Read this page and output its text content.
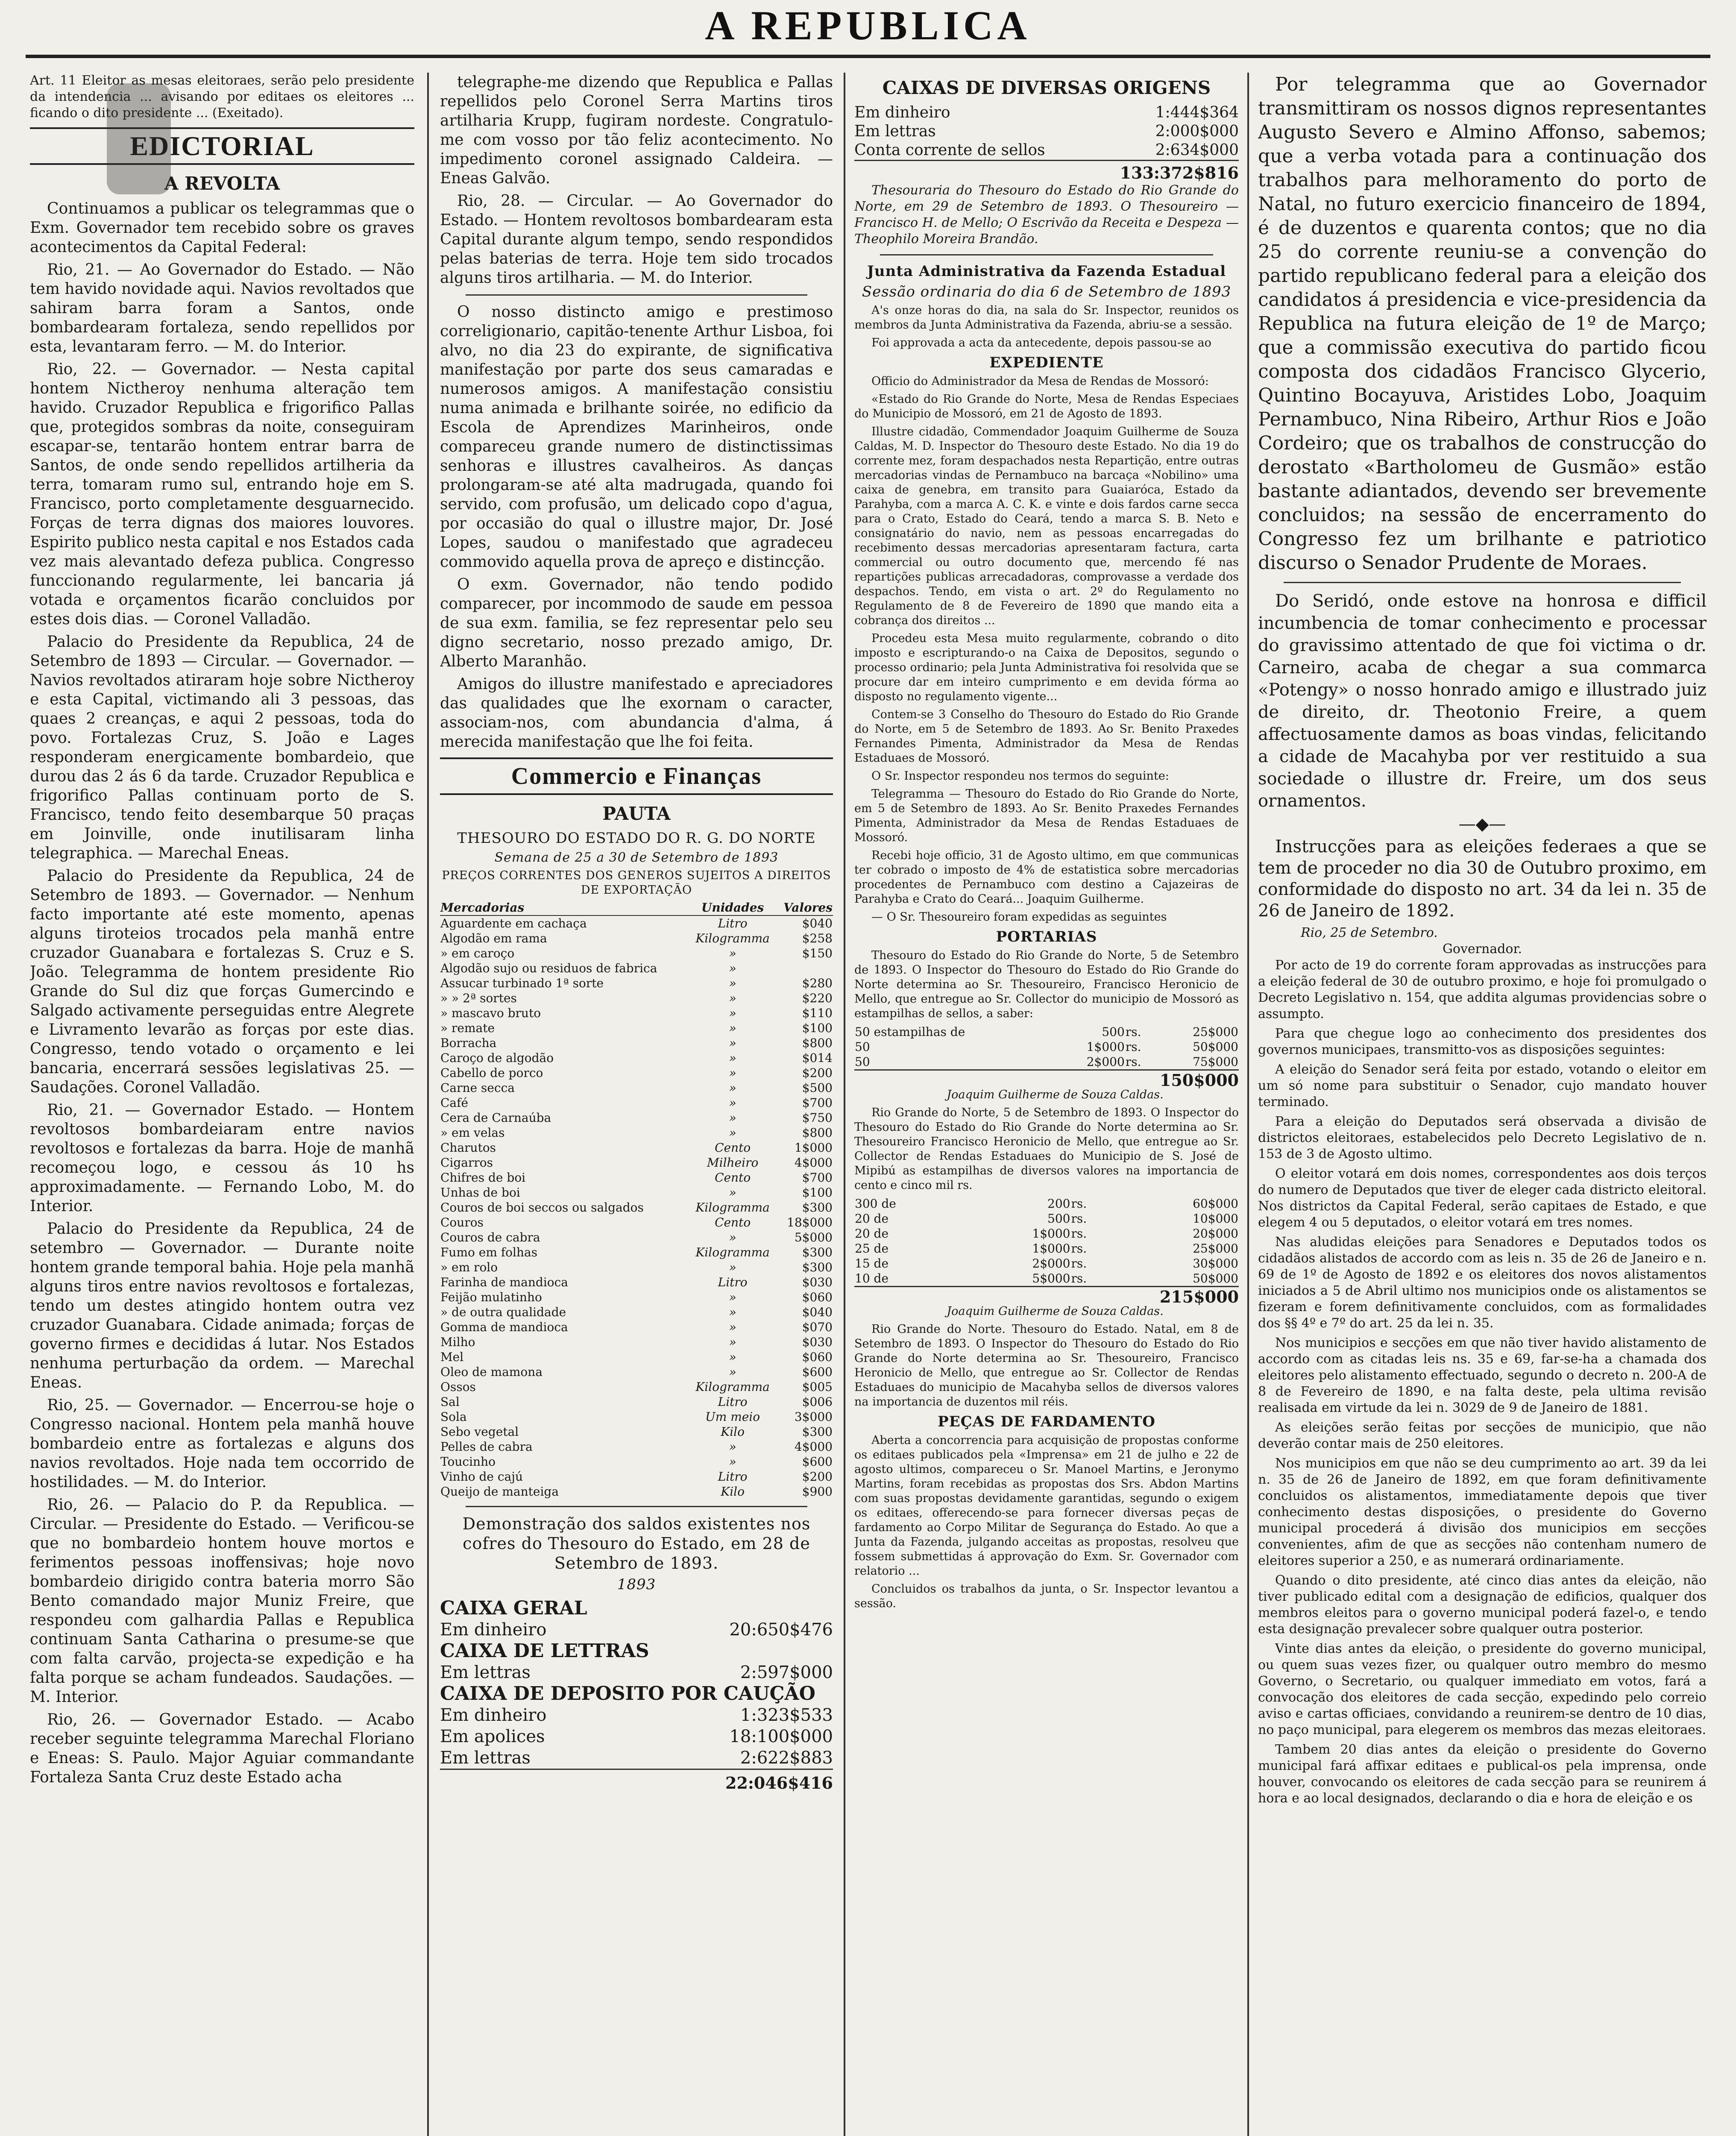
A REPUBLICA
Art. 11 Eleitor as mesas eleitoraes, serão pelo presidente da intendencia ... avisando por editaes os eleitores ... ficando o dito presidente ... (Exeitado).
EDICTORIAL
A REVOLTA

Continuamos a publicar os telegrammas que o Exm. Governador tem recebido sobre os graves acontecimentos da Capital Federal:

Rio, 21. — Ao Governador do Estado. — Não tem havido novidade aqui. Navios revoltados que sahiram barra foram a Santos, onde bombardearam fortaleza, sendo repellidos por esta, levantaram ferro. — M. do Interior.

Rio, 22. — Governador. — Nesta capital hontem Nictheroy nenhuma alteração tem havido. Cruzador Republica e frigorifico Pallas que, protegidos sombras da noite, conseguiram escapar-se, tentarão hontem entrar barra de Santos, de onde sendo repellidos artilheria da terra, tomaram rumo sul, entrando hoje em S. Francisco, porto completamente desguarnecido. Forças de terra dignas dos maiores louvores. Espirito publico nesta capital e nos Estados cada vez mais alevantado defeza publica. Congresso funccionando regularmente, lei bancaria já votada e orçamentos ficarão concluidos por estes dois dias. — Coronel Valladão.

Palacio do Presidente da Republica, 24 de Setembro de 1893 — Circular. — Governador. — Navios revoltados atiraram hoje sobre Nictheroy e esta Capital, victimando ali 3 pessoas, das quaes 2 creanças, e aqui 2 pessoas, toda do povo. Fortalezas Cruz, S. João e Lages responderam energicamente bombardeio, que durou das 2 ás 6 da tarde. Cruzador Republica e frigorifico Pallas continuam porto de S. Francisco, tendo feito desembarque 50 praças em Joinville, onde inutilisaram linha telegraphica. — Marechal Eneas.

Palacio do Presidente da Republica, 24 de Setembro de 1893. — Governador. — Nenhum facto importante até este momento, apenas alguns tiroteios trocados pela manhã entre cruzador Guanabara e fortalezas S. Cruz e S. João. Telegramma de hontem presidente Rio Grande do Sul diz que forças Gumercindo e Salgado activamente perseguidas entre Alegrete e Livramento levarão as forças por este dias. Congresso, tendo votado o orçamento e lei bancaria, encerrará sessões legislativas 25. — Saudações. Coronel Valladão.

Rio, 21. — Governador Estado. — Hontem revoltosos bombardeiaram entre navios revoltosos e fortalezas da barra. Hoje de manhã recomeçou logo, e cessou ás 10 hs approximadamente. — Fernando Lobo, M. do Interior.

Palacio do Presidente da Republica, 24 de setembro — Governador. — Durante noite hontem grande temporal bahia. Hoje pela manhã alguns tiros entre navios revoltosos e fortalezas, tendo um destes atingido hontem outra vez cruzador Guanabara. Cidade animada; forças de governo firmes e decididas á lutar. Nos Estados nenhuma perturbação da ordem. — Marechal Eneas.

Rio, 25. — Governador. — Encerrou-se hoje o Congresso nacional. Hontem pela manhã houve bombardeio entre as fortalezas e alguns dos navios revoltados. Hoje nada tem occorrido de hostilidades. — M. do Interior.

Rio, 26. — Palacio do P. da Republica. — Circular. — Presidente do Estado. — Verificou-se que no bombardeio hontem houve mortos e ferimentos pessoas inoffensivas; hoje novo bombardeio dirigido contra bateria morro São Bento comandado major Muniz Freire, que respondeu com galhardia Pallas e Republica continuam Santa Catharina o presume-se que com falta carvão, projecta-se expedição e ha falta porque se acham fundeados. Saudações. — M. Interior.

Rio, 26. — Governador Estado. — Acabo receber seguinte telegramma Marechal Floriano e Eneas: S. Paulo. Major Aguiar commandante Fortaleza Santa Cruz deste Estado acha

telegraphe-me dizendo que Republica e Pallas repellidos pelo Coronel Serra Martins tiros artilharia Krupp, fugiram nordeste. Congratulo-me com vosso por tão feliz acontecimento. No impedimento coronel assignado Caldeira. — Eneas Galvão.

Rio, 28. — Circular. — Ao Governador do Estado. — Hontem revoltosos bombardearam esta Capital durante algum tempo, sendo respondidos pelas baterias de terra. Hoje tem sido trocados alguns tiros artilharia. — M. do Interior.

O nosso distincto amigo e prestimoso correligionario, capitão-tenente Arthur Lisboa, foi alvo, no dia 23 do expirante, de significativa manifestação por parte dos seus camaradas e numerosos amigos. A manifestação consistiu numa animada e brilhante soirée, no edificio da Escola de Aprendizes Marinheiros, onde compareceu grande numero de distinctissimas senhoras e illustres cavalheiros. As danças prolongaram-se até alta madrugada, quando foi servido, com profusão, um delicado copo d'agua, por occasião do qual o illustre major, Dr. José Lopes, saudou o manifestado que agradeceu commovido aquella prova de apreço e distincção.

O exm. Governador, não tendo podido comparecer, por incommodo de saude em pessoa de sua exm. familia, se fez representar pelo seu digno secretario, nosso prezado amigo, Dr. Alberto Maranhão.

Amigos do illustre manifestado e apreciadores das qualidades que lhe exornam o caracter, associam-nos, com abundancia d'alma, á merecida manifestação que lhe foi feita.

Commercio e Finanças
PAUTA
THESOURO DO ESTADO DO R. G. DO NORTE
Semana de 25 a 30 de Setembro de 1893
PREÇOS CORRENTES DOS GENEROS SUJEITOS A DIREITOS DE EXPORTAÇÃO
Mercadorias	Unidades	Valores
Aguardente em cachaça	Litro	$040
Algodão em rama	Kilogramma	$258
» em caroço	»	$150
Algodão sujo ou residuos de fabrica	»	
Assucar turbinado 1ª sorte	»	$280
» » 2ª sortes	»	$220
» mascavo bruto	»	$110
» remate	»	$100
Borracha	»	$800
Caroço de algodão	»	$014
Cabello de porco	»	$200
Carne secca	»	$500
Café	»	$700
Cera de Carnaúba	»	$750
» em velas	»	$800
Charutos	Cento	1$000
Cigarros	Milheiro	4$000
Chifres de boi	Cento	$700
Unhas de boi	»	$100
Couros de boi seccos ou salgados	Kilogramma	$300
Couros	Cento	18$000
Couros de cabra	»	5$000
Fumo em folhas	Kilogramma	$300
» em rolo	»	$300
Farinha de mandioca	Litro	$030
Feijão mulatinho	»	$060
» de outra qualidade	»	$040
Gomma de mandioca	»	$070
Milho	»	$030
Mel	»	$060
Oleo de mamona	»	$600
Ossos	Kilogramma	$005
Sal	Litro	$006
Sola	Um meio	3$000
Sebo vegetal	Kilo	$300
Pelles de cabra	»	4$000
Toucinho	»	$600
Vinho de cajú	Litro	$200
Queijo de manteiga	Kilo	$900
Demonstração dos saldos existentes nos cofres do Thesouro do Estado, em 28 de Setembro de 1893.
1893
CAIXA GERAL
Em dinheiro	20:650$476
CAIXA DE LETTRAS
Em lettras	2:597$000
CAIXA DE DEPOSITO POR CAUÇÃO
Em dinheiro	1:323$533
Em apolices	18:100$000
Em lettras	2:622$883
22:046$416
CAIXAS DE DIVERSAS ORIGENS
Em dinheiro	1:444$364
Em lettras	2:000$000
Conta corrente de sellos	2:634$000
133:372$816

Thesouraria do Thesouro do Estado do Rio Grande do Norte, em 29 de Setembro de 1893. O Thesoureiro — Francisco H. de Mello; O Escrivão da Receita e Despeza — Theophilo Moreira Brandão.

Junta Administrativa da Fazenda Estadual
Sessão ordinaria do dia 6 de Setembro de 1893

A's onze horas do dia, na sala do Sr. Inspector, reunidos os membros da Junta Administrativa da Fazenda, abriu-se a sessão.

Foi approvada a acta da antecedente, depois passou-se ao

EXPEDIENTE

Officio do Administrador da Mesa de Rendas de Mossoró:

«Estado do Rio Grande do Norte, Mesa de Rendas Especiaes do Municipio de Mossoró, em 21 de Agosto de 1893.

Illustre cidadão, Commendador Joaquim Guilherme de Souza Caldas, M. D. Inspector do Thesouro deste Estado. No dia 19 do corrente mez, foram despachados nesta Repartição, entre outras mercadorias vindas de Pernambuco na barcaça «Nobilino» uma caixa de genebra, em transito para Guaiaróca, Estado da Parahyba, com a marca A. C. K. e vinte e dois fardos carne secca para o Crato, Estado do Ceará, tendo a marca S. B. Neto e consignatário do navio, nem as pessoas encarregadas do recebimento dessas mercadorias apresentaram factura, carta commercial ou outro documento que, mercendo fé nas repartições publicas arrecadadoras, comprovasse a verdade dos despachos. Tendo, em vista o art. 2º do Regulamento no Regulamento de 8 de Fevereiro de 1890 que mando eita a cobrança dos direitos ...

Procedeu esta Mesa muito regularmente, cobrando o dito imposto e escripturando-o na Caixa de Depositos, segundo o processo ordinario; pela Junta Administrativa foi resolvida que se procure dar em inteiro cumprimento e em devida fórma ao disposto no regulamento vigente...

Contem-se 3 Conselho do Thesouro do Estado do Rio Grande do Norte, em 5 de Setembro de 1893. Ao Sr. Benito Praxedes Fernandes Pimenta, Administrador da Mesa de Rendas Estaduaes de Mossoró.

O Sr. Inspector respondeu nos termos do seguinte:

Telegramma — Thesouro do Estado do Rio Grande do Norte, em 5 de Setembro de 1893. Ao Sr. Benito Praxedes Fernandes Pimenta, Administrador da Mesa de Rendas Estaduaes de Mossoró.

Recebi hoje officio, 31 de Agosto ultimo, em que communicas ter cobrado o imposto de 4% de estatistica sobre mercadorias procedentes de Pernambuco com destino a Cajazeiras de Parahyba e Crato do Ceará... Joaquim Guilherme.

— O Sr. Thesoureiro foram expedidas as seguintes

PORTARIAS

Thesouro do Estado do Rio Grande do Norte, 5 de Setembro de 1893. O Inspector do Thesouro do Estado do Rio Grande do Norte determina ao Sr. Thesoureiro, Francisco Heronicio de Mello, que entregue ao Sr. Collector do municipio de Mossoró as estampilhas de sellos, a saber:

50 estampilhas de	500	rs.	25$000
50	1$000	rs.	50$000
50	2$000	rs.	75$000
150$000

Joaquim Guilherme de Souza Caldas.

Rio Grande do Norte, 5 de Setembro de 1893. O Inspector do Thesouro do Estado do Rio Grande do Norte determina ao Sr. Thesoureiro Francisco Heronicio de Mello, que entregue ao Sr. Collector de Rendas Estaduaes do Municipio de S. José de Mipibú as estampilhas de diversos valores na importancia de cento e cinco mil rs.

300 de	200	rs.	60$000
20 de	500	rs.	10$000
20 de	1$000	rs.	20$000
25 de	1$000	rs.	25$000
15 de	2$000	rs.	30$000
10 de	5$000	rs.	50$000
215$000

Joaquim Guilherme de Souza Caldas.

Rio Grande do Norte. Thesouro do Estado. Natal, em 8 de Setembro de 1893. O Inspector do Thesouro do Estado do Rio Grande do Norte determina ao Sr. Thesoureiro, Francisco Heronicio de Mello, que entregue ao Sr. Collector de Rendas Estaduaes do municipio de Macahyba sellos de diversos valores na importancia de duzentos mil réis.

PEÇAS DE FARDAMENTO

Aberta a concorrencia para acquisição de propostas conforme os editaes publicados pela «Imprensa» em 21 de julho e 22 de agosto ultimos, compareceu o Sr. Manoel Martins, e Jeronymo Martins, foram recebidas as propostas dos Srs. Abdon Martins com suas propostas devidamente garantidas, segundo o exigem os editaes, offerecendo-se para fornecer diversas peças de fardamento ao Corpo Militar de Segurança do Estado. Ao que a Junta da Fazenda, julgando acceitas as propostas, resolveu que fossem submettidas á approvação do Exm. Sr. Governador com relatorio ...

Concluidos os trabalhos da junta, o Sr. Inspector levantou a sessão.

Por telegramma que ao Governador transmittiram os nossos dignos representantes Augusto Severo e Almino Affonso, sabemos; que a verba votada para a continuação dos trabalhos para melhoramento do porto de Natal, no futuro exercicio financeiro de 1894, é de duzentos e quarenta contos; que no dia 25 do corrente reuniu-se a convenção do partido republicano federal para a eleição dos candidatos á presidencia e vice-presidencia da Republica na futura eleição de 1º de Março; que a commissão executiva do partido ficou composta dos cidadãos Francisco Glycerio, Quintino Bocayuva, Aristides Lobo, Joaquim Pernambuco, Nina Ribeiro, Arthur Rios e João Cordeiro; que os trabalhos de construcção do derostato «Bartholomeu de Gusmão» estão bastante adiantados, devendo ser brevemente concluidos; na sessão de encerramento do Congresso fez um brilhante e patriotico discurso o Senador Prudente de Moraes.

Do Seridó, onde estove na honrosa e difficil incumbencia de tomar conhecimento e processar do gravissimo attentado de que foi victima o dr. Carneiro, acaba de chegar a sua commarca «Potengy» o nosso honrado amigo e illustrado juiz de direito, dr. Theotonio Freire, a quem affectuosamente damos as boas vindas, felicitando a cidade de Macahyba por ver restituido a sua sociedade o illustre dr. Freire, um dos seus ornamentos.

—◆—

Instrucções para as eleições federaes a que se tem de proceder no dia 30 de Outubro proximo, em conformidade do disposto no art. 34 da lei n. 35 de 26 de Janeiro de 1892.

Rio, 25 de Setembro.
Governador.

Por acto de 19 do corrente foram approvadas as instrucções para a eleição federal de 30 de outubro proximo, e hoje foi promulgado o Decreto Legislativo n. 154, que addita algumas providencias sobre o assumpto.

Para que chegue logo ao conhecimento dos presidentes dos governos municipaes, transmitto-vos as disposições seguintes:

A eleição do Senador será feita por estado, votando o eleitor em um só nome para substituir o Senador, cujo mandato houver terminado.

Para a eleição do Deputados será observada a divisão de districtos eleitoraes, estabelecidos pelo Decreto Legislativo de n. 153 de 3 de Agosto ultimo.

O eleitor votará em dois nomes, correspondentes aos dois terços do numero de Deputados que tiver de eleger cada districto eleitoral. Nos districtos da Capital Federal, serão capitaes de Estado, e que elegem 4 ou 5 deputados, o eleitor votará em tres nomes.

Nas aludidas eleições para Senadores e Deputados todos os cidadãos alistados de accordo com as leis n. 35 de 26 de Janeiro e n. 69 de 1º de Agosto de 1892 e os eleitores dos novos alistamentos iniciados a 5 de Abril ultimo nos municipios onde os alistamentos se fizeram e forem definitivamente concluidos, com as formalidades dos §§ 4º e 7º do art. 25 da lei n. 35.

Nos municipios e secções em que não tiver havido alistamento de accordo com as citadas leis ns. 35 e 69, far-se-ha a chamada dos eleitores pelo alistamento effectuado, segundo o decreto n. 200-A de 8 de Fevereiro de 1890, e na falta deste, pela ultima revisão realisada em virtude da lei n. 3029 de 9 de Janeiro de 1881.

As eleições serão feitas por secções de municipio, que não deverão contar mais de 250 eleitores.

Nos municipios em que não se deu cumprimento ao art. 39 da lei n. 35 de 26 de Janeiro de 1892, em que foram definitivamente concluidos os alistamentos, immediatamente depois que tiver conhecimento destas disposições, o presidente do Governo municipal procederá á divisão dos municipios em secções convenientes, afim de que as secções não contenham numero de eleitores superior a 250, e as numerará ordinariamente.

Quando o dito presidente, até cinco dias antes da eleição, não tiver publicado edital com a designação de edificios, qualquer dos membros eleitos para o governo municipal poderá fazel-o, e tendo esta designação prevalecer sobre qualquer outra posterior.

Vinte dias antes da eleição, o presidente do governo municipal, ou quem suas vezes fizer, ou qualquer outro membro do mesmo Governo, o Secretario, ou qualquer immediato em votos, fará a convocação dos eleitores de cada secção, expedindo pelo correio aviso e cartas officiaes, convidando a reunirem-se dentro de 10 dias, no paço municipal, para elegerem os membros das mezas eleitoraes.

Tambem 20 dias antes da eleição o presidente do Governo municipal fará affixar editaes e publical-os pela imprensa, onde houver, convocando os eleitores de cada secção para se reunirem á hora e ao local designados, declarando o dia e hora de eleição e os
